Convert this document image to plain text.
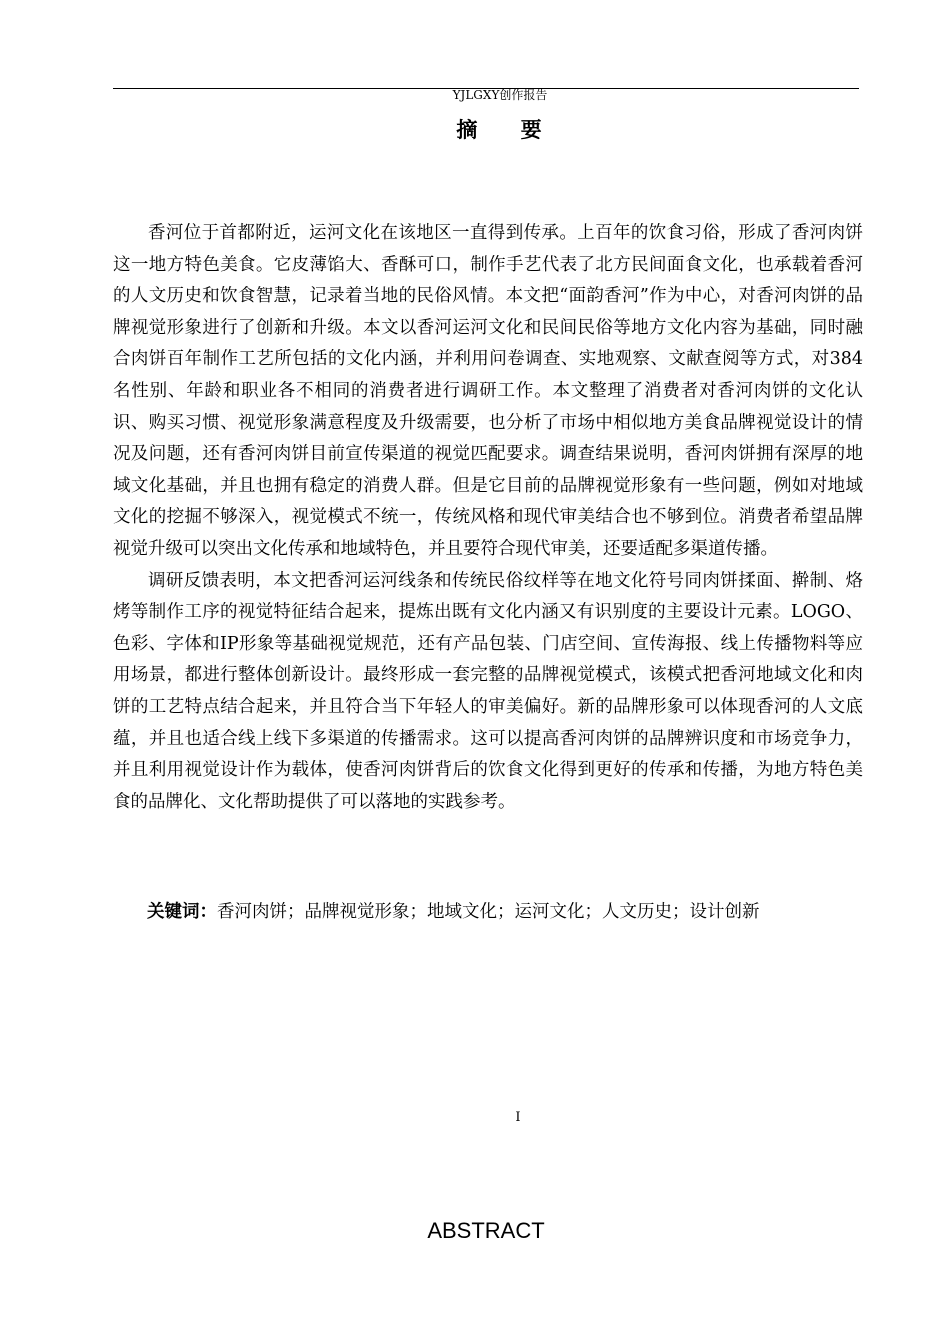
YJLGXY创作报告
摘 要

香河位于首都附近，运河文化在该地区一直得到传承。上百年的饮食习俗，形成了香河肉饼这一地方特色美食。它皮薄馅大、香酥可口，制作手艺代表了北方民间面食文化，也承载着香河的人文历史和饮食智慧，记录着当地的民俗风情。本文把“面韵香河”作为中心，对香河肉饼的品牌视觉形象进行了创新和升级。本文以香河运河文化和民间民俗等地方文化内容为基础，同时融合肉饼百年制作工艺所包括的文化内涵，并利用问卷调查、实地观察、文献查阅等方式，对384名性别、年龄和职业各不相同的消费者进行调研工作。本文整理了消费者对香河肉饼的文化认识、购买习惯、视觉形象满意程度及升级需要，也分析了市场中相似地方美食品牌视觉设计的情况及问题，还有香河肉饼目前宣传渠道的视觉匹配要求。调查结果说明，香河肉饼拥有深厚的地域文化基础，并且也拥有稳定的消费人群。但是它目前的品牌视觉形象有一些问题，例如对地域文化的挖掘不够深入，视觉模式不统一，传统风格和现代审美结合也不够到位。消费者希望品牌视觉升级可以突出文化传承和地域特色，并且要符合现代审美，还要适配多渠道传播。

调研反馈表明，本文把香河运河线条和传统民俗纹样等在地文化符号同肉饼揉面、擀制、烙烤等制作工序的视觉特征结合起来，提炼出既有文化内涵又有识别度的主要设计元素。LOGO、色彩、字体和IP形象等基础视觉规范，还有产品包装、门店空间、宣传海报、线上传播物料等应用场景，都进行整体创新设计。最终形成一套完整的品牌视觉模式，该模式把香河地域文化和肉饼的工艺特点结合起来，并且符合当下年轻人的审美偏好。新的品牌形象可以体现香河的人文底蕴，并且也适合线上线下多渠道的传播需求。这可以提高香河肉饼的品牌辨识度和市场竞争力，并且利用视觉设计作为载体，使香河肉饼背后的饮食文化得到更好的传承和传播，为地方特色美食的品牌化、文化帮助提供了可以落地的实践参考。

关键词：香河肉饼；品牌视觉形象；地域文化；运河文化；人文历史；设计创新
I
ABSTRACT
